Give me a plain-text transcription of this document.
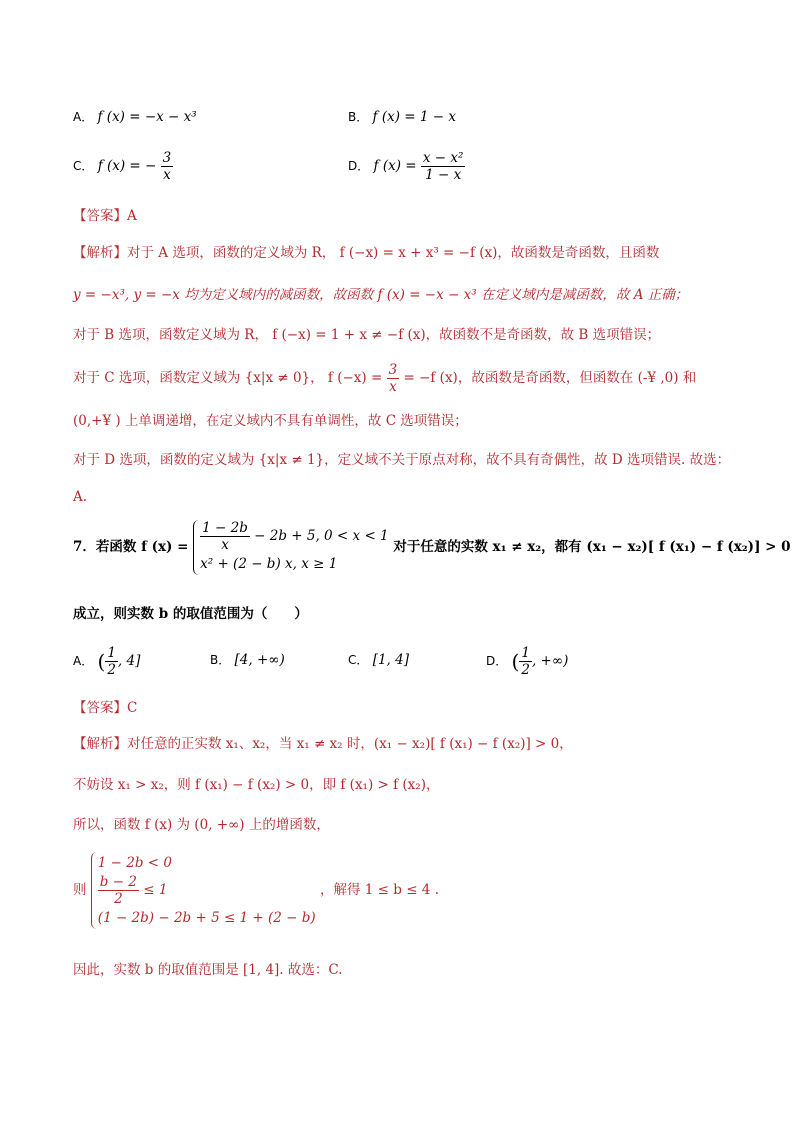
A． f (x) = −x − x³	B． f (x) = 1 − x
C． f (x) = − $\frac{3}{x}$	D． f $(x) = \frac{\text{x − x²}}{1 - x}$
【答案】A
【解析】对于 A 选项，函数的定义域为 R， f (−x) = x + x³ = −f (x)，故函数是奇函数，且函数
y = −x³, y = −x 均为定义域内的减函数，故函数 f (x) = −x − x³ 在定义域内是减函数，故 A 正确；
对于 B 选项，函数定义域为 R， f (−x) = 1 + x ≠ −f (x)，故函数不是奇函数，故 B 选项错误；
对于 C 选项，函数定义域为 {x|x ≠ 0}， f $(-x) = \frac{3}{x} = -f$ (x)，故函数是奇函数，但函数在 (-¥ ,0) 和
(0,+¥ ) 上单调递增，在定义域内不具有单调性，故 C 选项错误；
对于 D 选项，函数的定义域为 {x|x ≠ 1}，定义域不关于原点对称，故不具有奇偶性，故 D 选项错误. 故选：
A.
7．若函数 f $(x) = \frac{1 - 2b}{x} - 2b + 5$, 0 < x < 1
x² + (2 − b) x, x ≥ 1
对于任意的实数 x₁ ≠ x₂，都有 (x₁ − x₂)[ f (x₁) − f (x₂)] > 0
成立，则实数 b 的取值范围为（　　）
A． ( $\frac{1}{2}$ , 4]	B． [4, +∞)	C． [1, 4]	D． ( $\frac{1}{2}$ , +∞)
【答案】C
【解析】对任意的正实数 x₁、x₂，当 x₁ ≠ x₂ 时，(x₁ − x₂)[ f (x₁) − f (x₂)] > 0，
不妨设 x₁ > x₂，则 f (x₁) − f (x₂) > 0，即 f (x₁) > f (x₂)，
所以，函数 f (x) 为 (0, +∞) 上的增函数，
则
1 − 2b < 0
$\frac{b - 2}{2} \le 1$
(1 − 2b) − 2b + 5 ≤ 1 + (2 − b)
，解得 1 ≤ b ≤ 4 .
因此，实数 b 的取值范围是 [1, 4]. 故选：C.
